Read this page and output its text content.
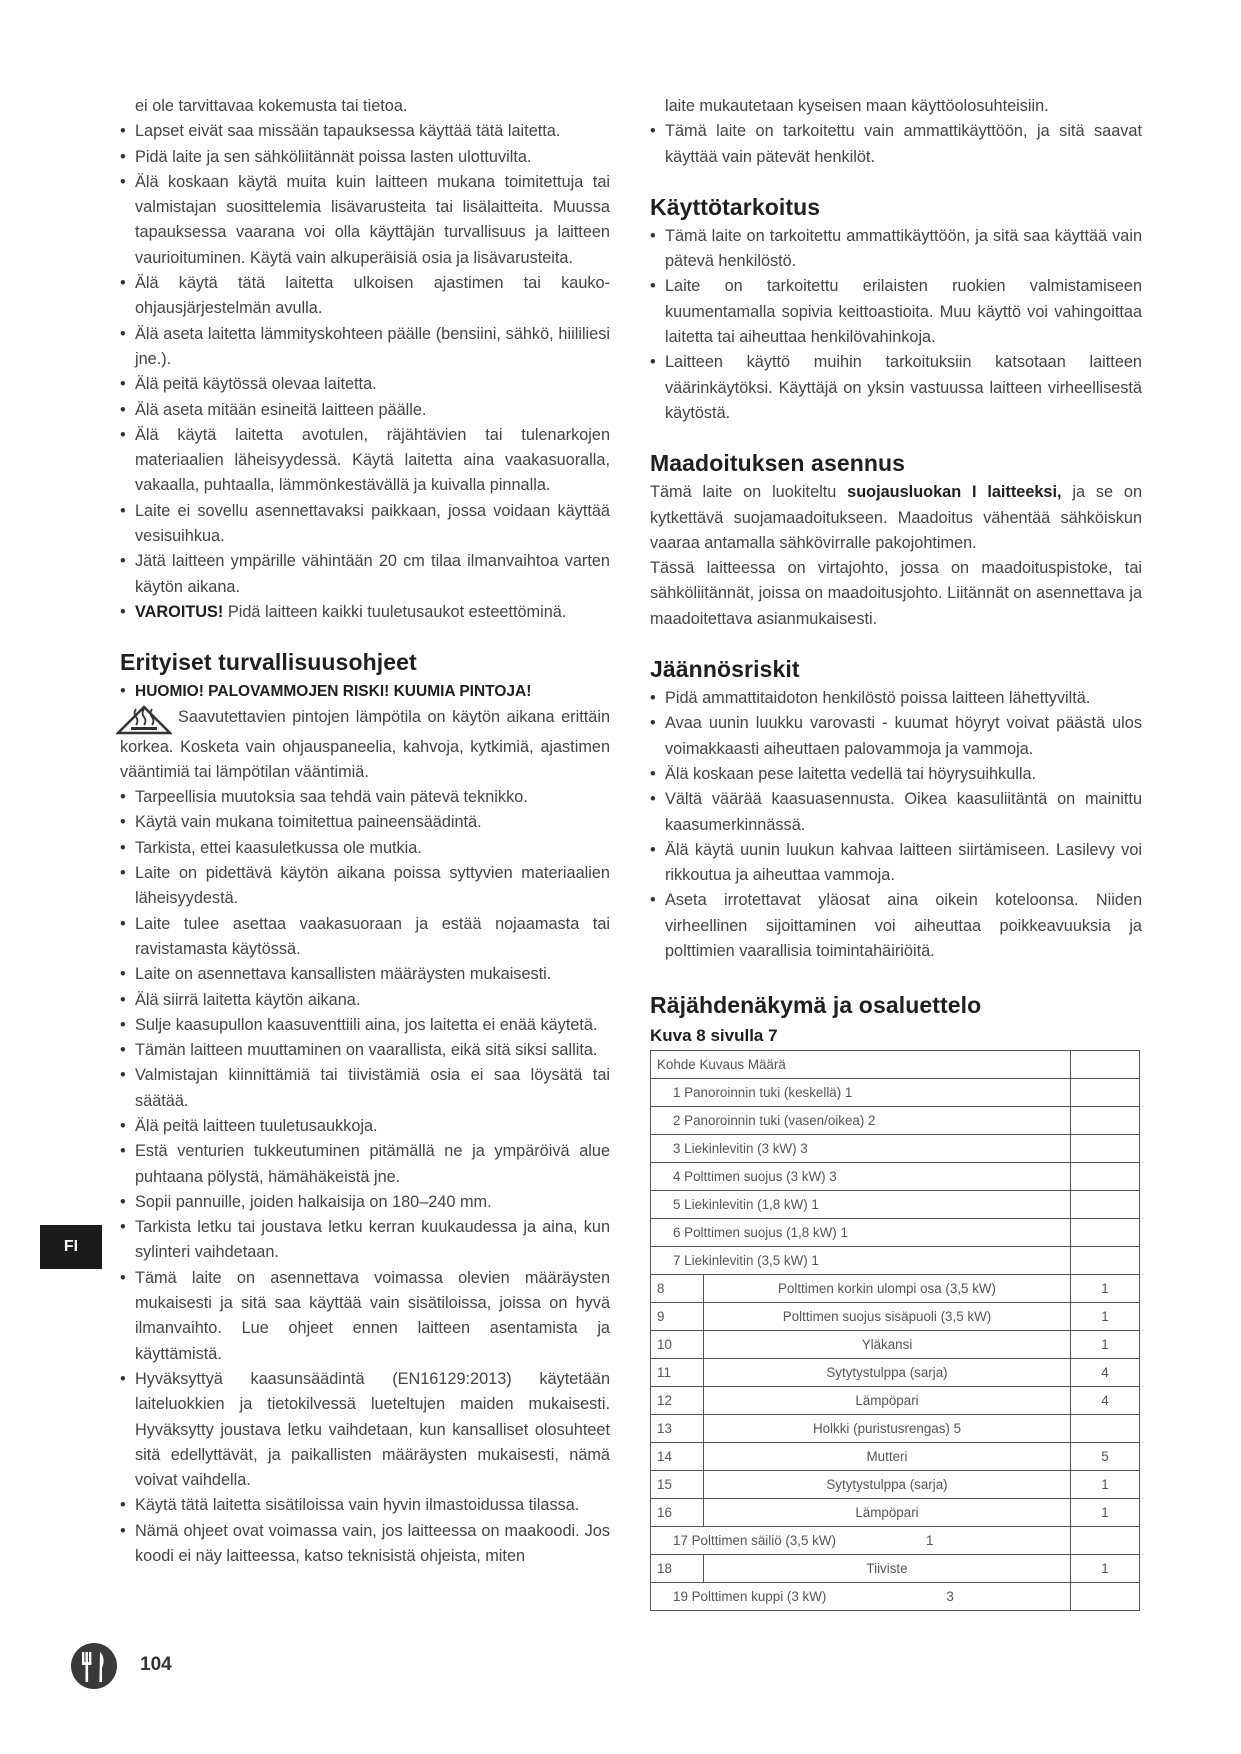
ei ole tarvittavaa kokemusta tai tietoa.

• Lapset eivät saa missään tapauksessa käyttää tätä laitetta.
• Pidä laite ja sen sähköliitännät poissa lasten ulottuvilta.
• Älä koskaan käytä muita kuin laitteen mukana toimitettuja tai valmistajan suosittelemia lisävarusteita tai lisälaitteita. Muussa tapauksessa vaarana voi olla käyttäjän turvallisuus ja laitteen vaurioituminen. Käytä vain alkuperäisiä osia ja lisävarusteita.
• Älä käytä tätä laitetta ulkoisen ajastimen tai kauko-ohjausjärjestelmän avulla.
• Älä aseta laitetta lämmityskohteen päälle (bensiini, sähkö, hiililiesi jne.).
• Älä peitä käytössä olevaa laitetta.
• Älä aseta mitään esineitä laitteen päälle.
• Älä käytä laitetta avotulen, räjähtävien tai tulenarkojen materiaalien läheisyydessä. Käytä laitetta aina vaakasuoralla, vakaalla, puhtaalla, lämmönkestävällä ja kuivalla pinnalla.
• Laite ei sovellu asennettavaksi paikkaan, jossa voidaan käyttää vesisuihkua.
• Jätä laitteen ympärille vähintään 20 cm tilaa ilmanvaihtoa varten käytön aikana.
• VAROITUS! Pidä laitteen kaikki tuuletusaukot esteettöminä.
Erityiset turvallisuusohjeet
• HUOMIO! PALOVAMMOJEN RISKI! KUUMIA PINTOJA!

Saavutettavien pintojen lämpötila on käytön aikana erittäin korkea. Kosketa vain ohjauspaneelia, kahvoja, kytkimiä, ajastimen vääntimiä tai lämpötilan vääntimiä.

• Tarpeellisia muutoksia saa tehdä vain pätevä teknikko.
• Käytä vain mukana toimitettua paineensäädintä.
• Tarkista, ettei kaasuletkussa ole mutkia.
• Laite on pidettävä käytön aikana poissa syttyvien materiaalien läheisyydestä.
• Laite tulee asettaa vaakasuoraan ja estää nojaamasta tai ravistamasta käytössä.
• Laite on asennettava kansallisten määräysten mukaisesti.
• Älä siirrä laitetta käytön aikana.
• Sulje kaasupullon kaasuventtiili aina, jos laitetta ei enää käytetä.
• Tämän laitteen muuttaminen on vaarallista, eikä sitä siksi sallita.
• Valmistajan kiinnittämiä tai tiivistämiä osia ei saa löysätä tai säätää.
• Älä peitä laitteen tuuletusaukkoja.
• Estä venturien tukkeutuminen pitämällä ne ja ympäröivä alue puhtaana pölystä, hämähäkeistä jne.
• Sopii pannuille, joiden halkaisija on 180–240 mm.
• Tarkista letku tai joustava letku kerran kuukaudessa ja aina, kun sylinteri vaihdetaan.
• Tämä laite on asennettava voimassa olevien määräysten mukaisesti ja sitä saa käyttää vain sisätiloissa, joissa on hyvä ilmanvaihto. Lue ohjeet ennen laitteen asentamista ja käyttämistä.
• Hyväksyttyä kaasunsäädintä (EN16129:2013) käytetään laiteluokkien ja tietokilvessä lueteltujen maiden mukaisesti. Hyväksytty joustava letku vaihdetaan, kun kansalliset olosuhteet sitä edellyttävät, ja paikallisten määräysten mukaisesti, nämä voivat vaihdella.
• Käytä tätä laitetta sisätiloissa vain hyvin ilmastoidussa tilassa.
• Nämä ohjeet ovat voimassa vain, jos laitteessa on maakoodi. Jos koodi ei näy laitteessa, katso teknisistä ohjeista, miten

laite mukautetaan kyseisen maan käyttöolosuhteisiin.

• Tämä laite on tarkoitettu vain ammattikäyttöön, ja sitä saavat käyttää vain pätevät henkilöt.
Käyttötarkoitus
• Tämä laite on tarkoitettu ammattikäyttöön, ja sitä saa käyttää vain pätevä henkilöstö.
• Laite on tarkoitettu erilaisten ruokien valmistamiseen kuumentamalla sopivia keittoastioita. Muu käyttö voi vahingoittaa laitetta tai aiheuttaa henkilövahinkoja.
• Laitteen käyttö muihin tarkoituksiin katsotaan laitteen väärinkäytöksi. Käyttäjä on yksin vastuussa laitteen virheellisestä käytöstä.
Maadoituksen asennus

Tämä laite on luokiteltu suojausluokan I laitteeksi, ja se on kytkettävä suojamaadoitukseen. Maadoitus vähentää sähköiskun vaaraa antamalla sähkövirralle pakojohtimen.

Tässä laitteessa on virtajohto, jossa on maadoituspistoke, tai sähköliitännät, joissa on maadoitusjohto. Liitännät on asennettava ja maadoitettava asianmukaisesti.

Jäännösriskit
• Pidä ammattitaidoton henkilöstö poissa laitteen lähettyviltä.
• Avaa uunin luukku varovasti - kuumat höyryt voivat päästä ulos voimakkaasti aiheuttaen palovammoja ja vammoja.
• Älä koskaan pese laitetta vedellä tai höyrysuihkulla.
• Vältä väärää kaasuasennusta. Oikea kaasuliitäntä on mainittu kaasumerkinnässä.
• Älä käytä uunin luukun kahvaa laitteen siirtämiseen. Lasilevy voi rikkoutua ja aiheuttaa vammoja.
• Aseta irrotettavat yläosat aina oikein koteloonsa. Niiden virheellinen sijoittaminen voi aiheuttaa poikkeavuuksia ja polttimien vaarallisia toimintahäiriöitä.
Räjähdenäkymä ja osaluettelo
Kuva 8 sivulla 7
Kohde Kuvaus Määrä		
1 Panoroinnin tuki (keskellä) 1		
2 Panoroinnin tuki (vasen/oikea) 2		
3 Liekinlevitin (3 kW) 3		
4 Polttimen suojus (3 kW) 3		
5 Liekinlevitin (1,8 kW) 1		
6 Polttimen suojus (1,8 kW) 1		
7 Liekinlevitin (3,5 kW) 1		
8	Polttimen korkin ulompi osa (3,5 kW)	1
9	Polttimen suojus sisäpuoli (3,5 kW)	1
10	Yläkansi	1
11	Sytytystulppa (sarja)	4
12	Lämpöpari	4
13	Holkki (puristusrengas) 5	
14	Mutteri	5
15	Sytytystulppa (sarja)	1
16	Lämpöpari	1
17 Polttimen säiliö (3,5 kW) 1		
18	Tiiviste	1
19 Polttimen kuppi (3 kW) 3		
FI
104
